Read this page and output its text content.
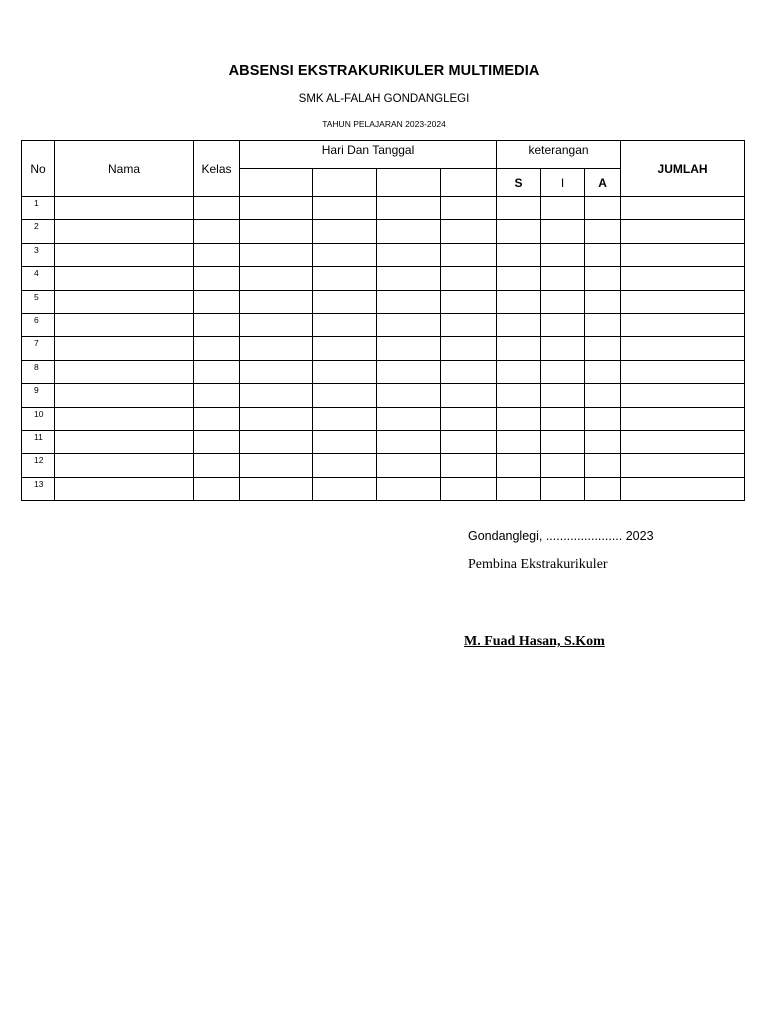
ABSENSI EKSTRAKURIKULER MULTIMEDIA
SMK AL-FALAH GONDANGLEGI
TAHUN PELAJARAN 2023-2024
No	Nama	Kelas	Hari Dan Tanggal				keterangan			JUMLAH
							S	I	A	
1										
2										
3										
4										
5										
6										
7										
8										
9										
10										
11										
12										
13										
Gondanglegi, ...................... 2023
Pembina Ekstrakurikuler
M. Fuad Hasan, S.Kom
